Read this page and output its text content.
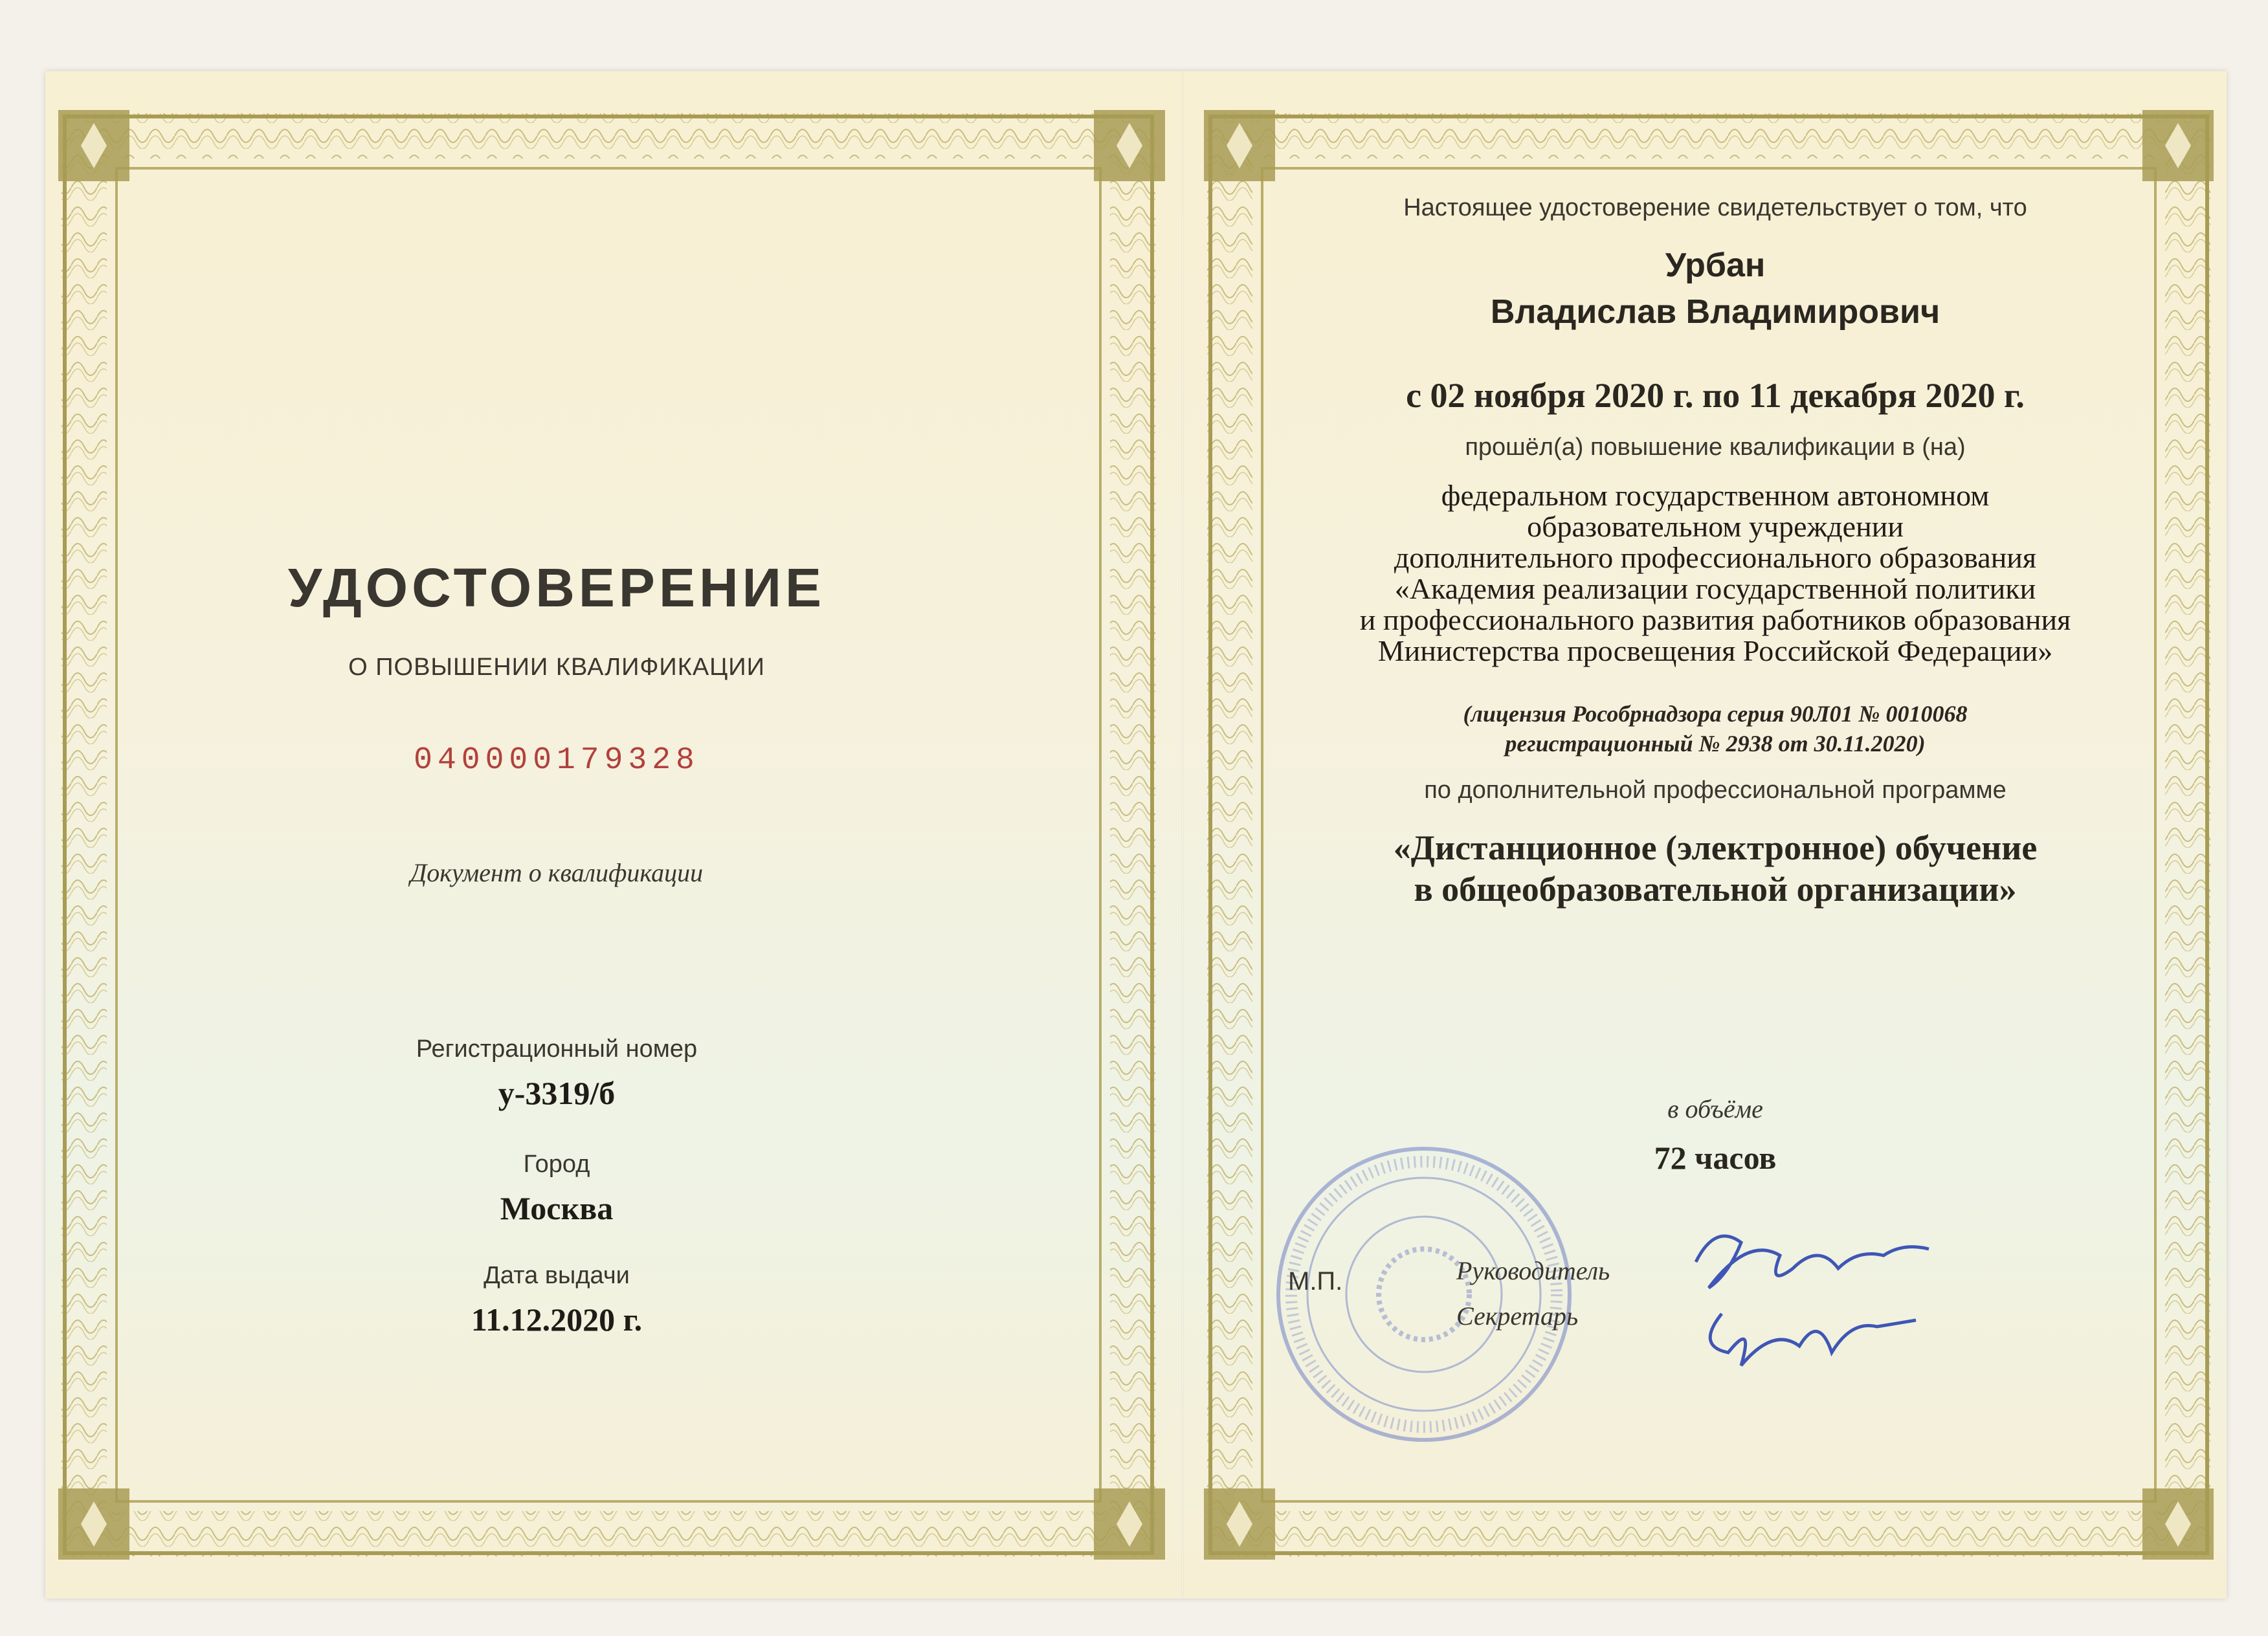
УДОСТОВЕРЕНИЕ
О ПОВЫШЕНИИ КВАЛИФИКАЦИИ
040000179328
Документ о квалификации
Регистрационный номер
у-3319/б
Город
Москва
Дата выдачи
11.12.2020 г.
Настоящее удостоверение свидетельствует о том, что
Урбан
Владислав Владимирович
с 02 ноября 2020 г. по 11 декабря 2020 г.
прошёл(а) повышение квалификации в (на)
федеральном государственном автономном
образовательном учреждении
дополнительного профессионального образования
«Академия реализации государственной политики
и профессионального развития работников образования
Министерства просвещения Российской Федерации»
(лицензия Рособрнадзора серия 90Л01 № 0010068
регистрационный № 2938 от 30.11.2020)
по дополнительной профессиональной программе
«Дистанционное (электронное) обучение
в общеобразовательной организации»
в объёме
72 часов
М.П.	Руководитель
Секретарь
